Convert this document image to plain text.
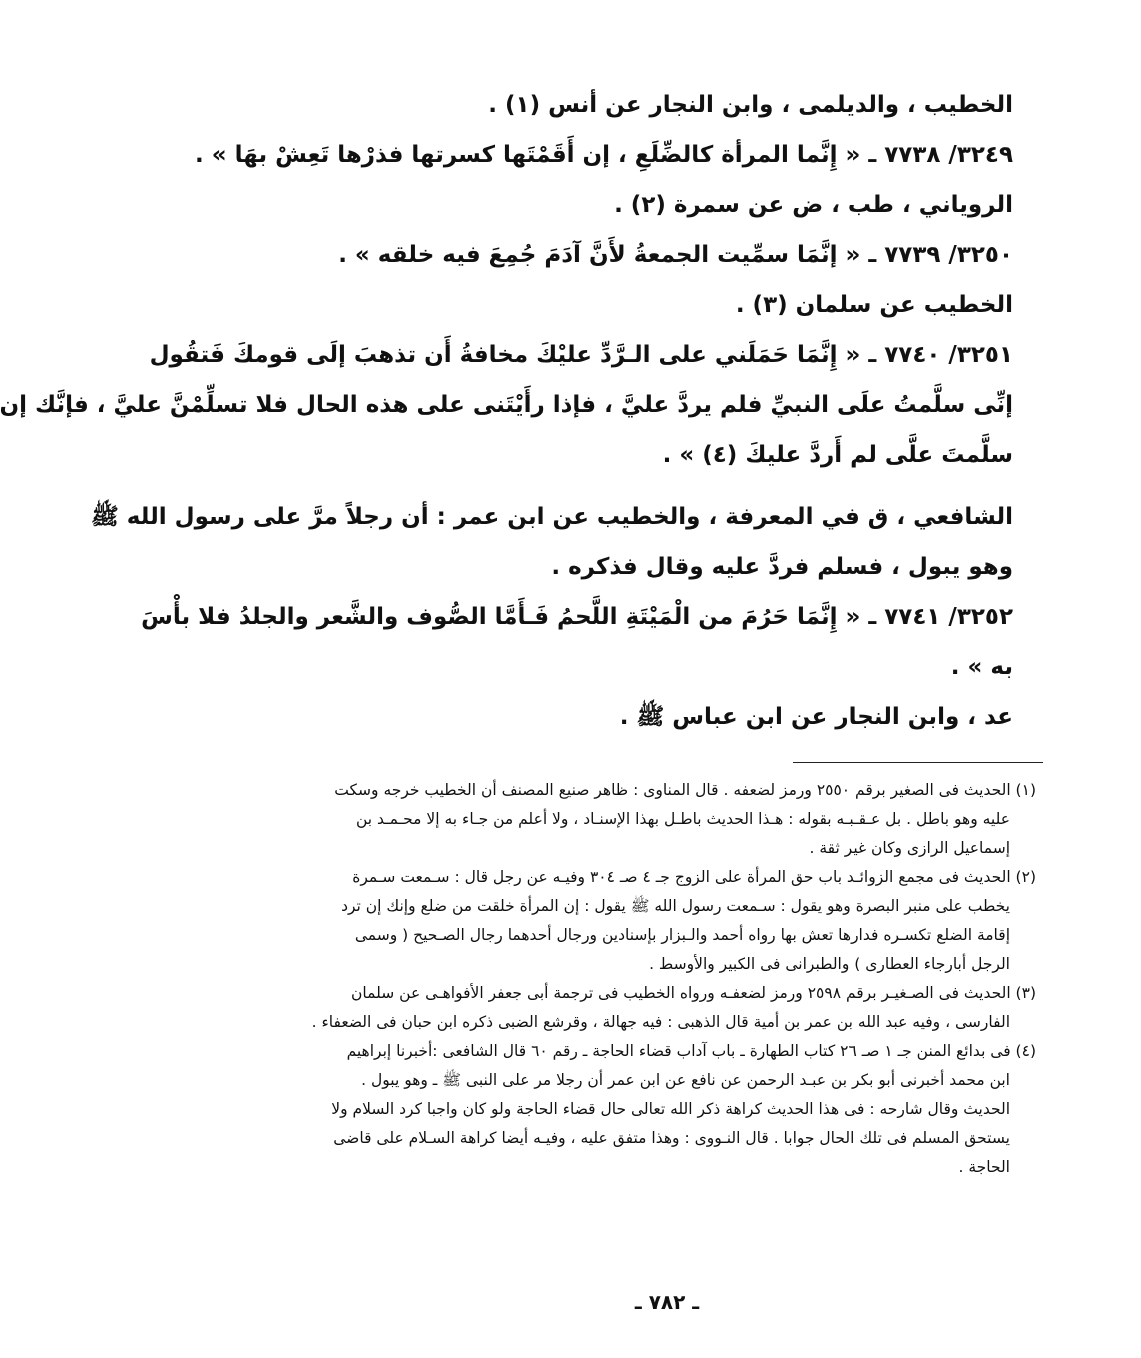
الخطيب ، والديلمى ، وابن النجار عن أنس (١) .
٣٢٤٩/ ٧٧٣٨ ـ « إِنَّما المرأة كالضِّلَعِ ، إن أَقَمْتَها كسرتها فذرْها تَعِشْ بهَا » .
الروياني ، طب ، ض عن سمرة (٢) .
٣٢٥٠/ ٧٧٣٩ ـ « إنَّمَا سمِّيت الجمعةُ لأَنَّ آدَمَ جُمِعَ فيه خلقه » .
الخطيب عن سلمان (٣) .
٣٢٥١/ ٧٧٤٠ ـ « إِنَّمَا حَمَلَني على الـرَّدِّ عليْكَ مخافةُ أَن تذهبَ إلَى قومكَ فَتقُول
إنِّى سلَّمتُ علَى النبيِّ فلم يردَّ عليَّ ، فإذا رأَيْتَنى على هذه الحال فلا تسلِّمْنَّ عليَّ ، فإنَّك إن
سلَّمتَ علَّى لم أَردَّ عليكَ (٤) » .
الشافعي ، ق في المعرفة ، والخطيب عن ابن عمر : أن رجلاً مرَّ على رسول الله ﷺ
وهو يبول ، فسلم فردَّ عليه وقال فذكره .
٣٢٥٢/ ٧٧٤١ ـ « إِنَّمَا حَرُمَ من الْمَيْتَةِ اللَّحمُ فَـأَمَّا الصُّوف والشَّعر والجلدُ فلا بأْسَ
به » .
عد ، وابن النجار عن ابن عباس ﷺ .
(١) الحديث فى الصغير برقم ٢٥٥٠ ورمز لضعفه . قال المناوى : ظاهر صنيع المصنف أن الخطيب خرجه وسكت
عليه وهو باطل . بل عـقـبـه بقوله : هـذا الحديث باطـل بهذا الإسنـاد ، ولا أعلم من جـاء به إلا محـمـد بن
إسماعيل الرازى وكان غير ثقة .
(٢) الحديث فى مجمع الزوائـد باب حق المرأة على الزوج جـ ٤ صـ ٣٠٤ وفيـه عن رجل قال : سـمعت سـمرة
يخطب على منبر البصرة وهو يقول : سـمعت رسول الله ﷺ يقول : إن المرأة خلقت من ضلع وإنك إن ترد
إقامة الضلع تكسـره فدارها تعش بها رواه أحمد والـبزار بإسنادين ورجال أحدهما رجال الصـحيح ( وسمى
الرجل أبارجاء العطارى ) والطبرانى فى الكبير والأوسط .
(٣) الحديث فى الصـغيـر برقم ٢٥٩٨ ورمز لضعفـه ورواه الخطيب فى ترجمة أبى جعفر الأفواهـى عن سلمان
الفارسى ، وفيه عبد الله بن عمر بن أمية قال الذهبى : فيه جهالة ، وقرشع الضبى ذكره ابن حبان فى الضعفاء .
(٤) فى بدائع المنن جـ ١ صـ ٢٦ كتاب الطهارة ـ باب آداب قضاء الحاجة ـ رقم ٦٠ قال الشافعى :أخبرنا إبراهيم
ابن محمد أخبرنى أبو بكر بن عبـد الرحمن عن نافع عن ابن عمر أن رجلا مر على النبى ﷺ ـ وهو يبول .
الحديث وقال شارحه : فى هذا الحديث كراهة ذكر الله تعالى حال قضاء الحاجة ولو كان واجبا كرد السلام ولا
يستحق المسلم فى تلك الحال جوابا . قال النـووى : وهذا متفق عليه ، وفيـه أيضا كراهة السـلام على قاضى
الحاجة .
ـ ٧٨٢ ـ
